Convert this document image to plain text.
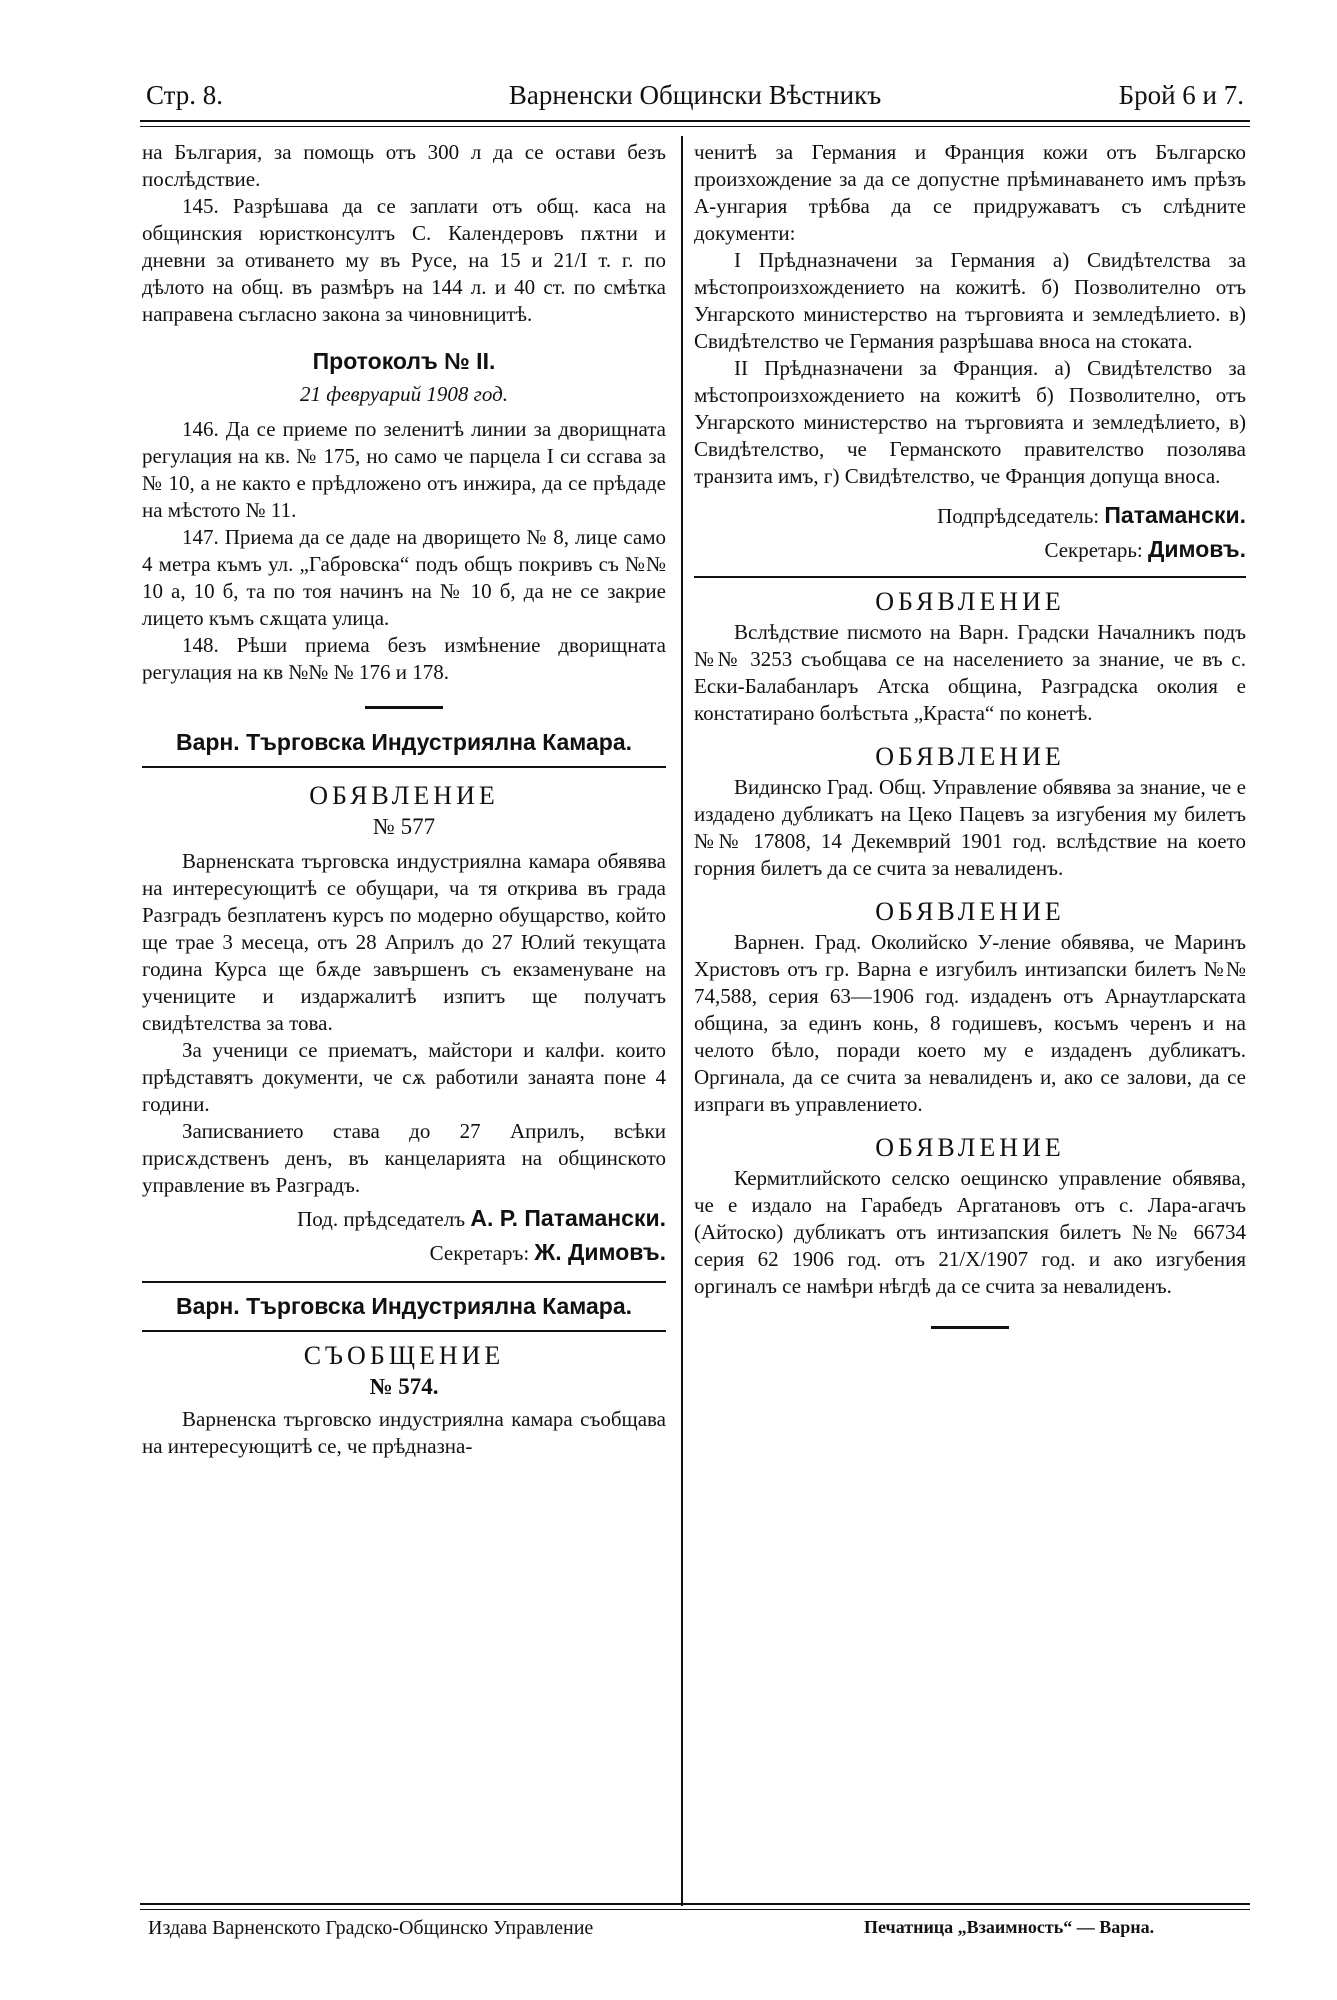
Стр. 8.	Варненски Общински Вѣстникъ	Брой 6 и 7.

на България, за помощь отъ 300 л да се остави безъ послѣдствие.

145. Разрѣшава да се заплати отъ общ. каса на общинския юристконсултъ С. Календеровъ пѫтни и дневни за отиването му въ Русе, на 15 и 21/I т. г. по дѣлото на общ. въ размѣръ на 144 л. и 40 ст. по смѣтка направена съгласно закона за чиновницитѣ.

Протоколъ № II.

21 февруарий 1908 год.

146. Да се приеме по зеленитѣ линии за дворищната регулация на кв. № 175, но само че парцела I си ссгава за № 10, а не както е прѣдложено отъ инжира, да се прѣдаде на мѣстото № 11.

147. Приема да се даде на дворището № 8, лице само 4 метра къмъ ул. „Габровска“ подъ общъ покривъ съ №№ 10 а, 10 б, та по тоя начинъ на № 10 б, да не се закрие лицето къмъ сѫщата улица.

148. Рѣши приема безъ измѣнение дворищната регулация на кв №№ № 176 и 178.

Варн. Търговска Индустриялна Камара.

ОБЯВЛЕНИЕ

№ 577

Варненската търговска индустриялна камара обявява на интересующитѣ се обущари, ча тя открива въ града Разградъ безплатенъ курсъ по модерно обущарство, който ще трае 3 месеца, отъ 28 Априлъ до 27 Юлий текущата година Курса ще бѫде завършенъ съ екзаменуване на учениците и издаржалитѣ изпитъ ще получатъ свидѣтелства за това.

За ученици се приематъ, майстори и калфи. които прѣдставятъ документи, че сѫ работили занаята поне 4 години.

Записванието става до 27 Априлъ, всѣки присѫдственъ денъ, въ канцеларията на общинското управление въ Разградъ.

Под. прѣдседателъ А. Р. Патамански.

Секретаръ: Ж. Димовъ.

Варн. Търговска Индустриялна Камара.

СЪОБЩЕНИЕ

№ 574.

Варненска търговско индустриялна камара съобщава на интересующитѣ се, че прѣдназна-

ченитѣ за Германия и Франция кожи отъ Българско произхождение за да се допустне прѣминаването имъ прѣзъ А-унгария трѣбва да се придружаватъ съ слѣдните документи:

I Прѣдназначени за Германия а) Свидѣтелства за мѣстопроизхождението на кожитѣ. б) Позволително отъ Унгарското министерство на търговията и земледѣлието. в) Свидѣтелство че Германия разрѣшава вноса на стоката.

II Прѣдназначени за Франция. а) Свидѣтелство за мѣстопроизхождението на кожитѣ б) Позволително, отъ Унгарското министерство на търговията и земледѣлието, в) Свидѣтелство, че Германското правителство позолява транзита имъ, г) Свидѣтелство, че Франция допуща вноса.

Подпрѣдседатель: Патамански.

Секретарь: Димовъ.

ОБЯВЛЕНИЕ

Вслѣдствие писмото на Варн. Градски Началникъ подъ №№ 3253 съобщава се на населението за знание, че въ с. Ески-Балабанларъ Атска община, Разградска околия е констатирано болѣстьта „Краста“ по конетѣ.

ОБЯВЛЕНИЕ

Видинско Град. Общ. Управление обявява за знание, че е издадено дубликатъ на Цеко Пацевъ за изгубения му билетъ №№ 17808, 14 Декемврий 1901 год. вслѣдствие на което горния билетъ да се счита за невалиденъ.

ОБЯВЛЕНИЕ

Варнен. Град. Околийско У-ление обявява, че Маринъ Христовъ отъ гр. Варна е изгубилъ интизапски билетъ №№ 74,588, серия 63—1906 год. издаденъ отъ Арнаутларската община, за единъ конь, 8 годишевъ, косъмъ черенъ и на челото бѣло, поради което му е издаденъ дубликатъ. Оргинала, да се счита за невалиденъ и, ако се залови, да се изпраги въ управлението.

ОБЯВЛЕНИЕ

Кермитлийското селско оещинско управление обявява, че е издало на Гарабедъ Аргатановъ отъ с. Лара-агачъ (Айтоско) дубликатъ отъ интизапския билетъ №№ 66734 серия 62 1906 год. отъ 21/X/1907 год. и ако изгубения оргиналъ се намѣри нѣгдѣ да се счита за невалиденъ.

Издава Варненското Градско-Общинско Управление	Печатница „Взаимность“ — Варна.
